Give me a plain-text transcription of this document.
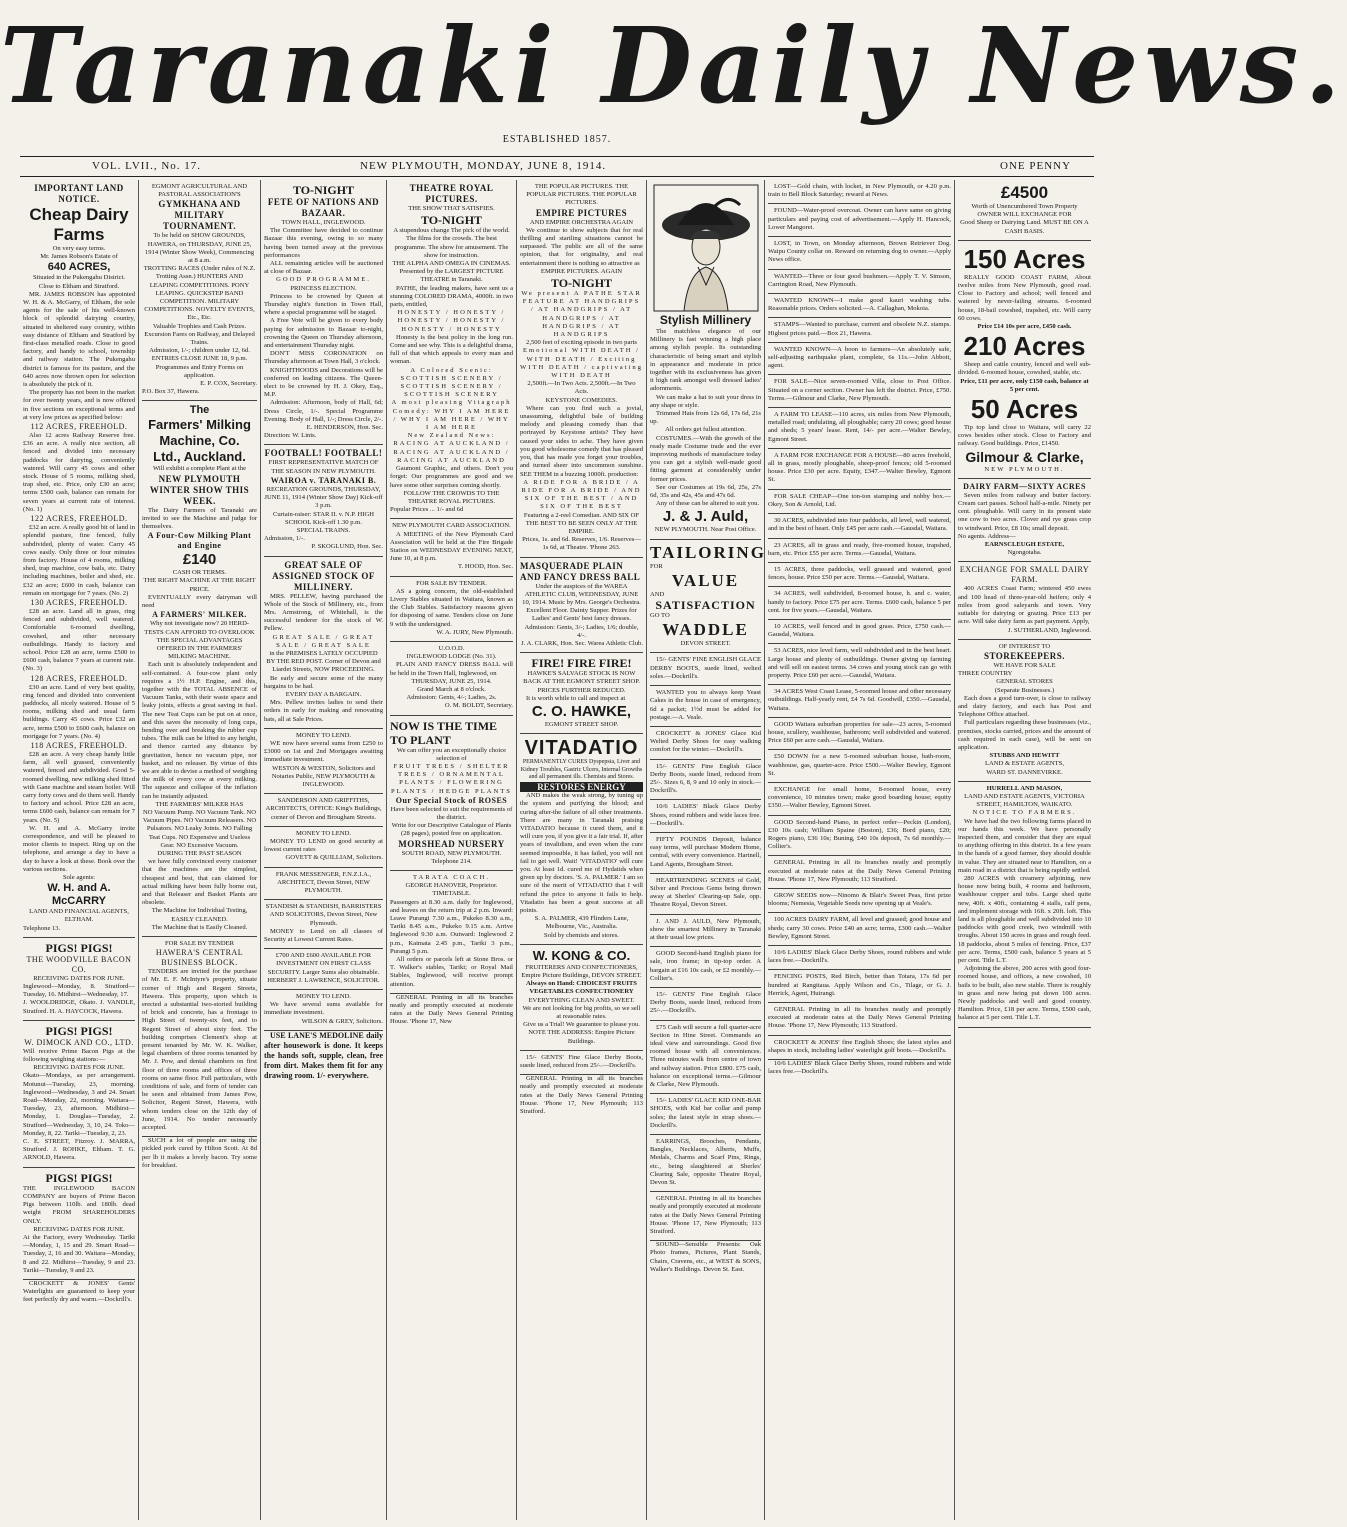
Taranaki Daily News.
ESTABLISHED 1857.
VOL. LVII., No. 17.	NEW PLYMOUTH, MONDAY, JUNE 8, 1914.	ONE PENNY
IMPORTANT LAND NOTICE.
Cheap Dairy Farms
On very easy terms.
Mr. James Robson's Estate of
640 ACRES,
Situated in the Pukengahu District.
Close to Eltham and Stratford.
MR. JAMES ROBSON has appointed W. H. & A. McGarry, of Eltham, the sole agents for the sale of his well-known block of splendid dairying country, situated in sheltered easy country, within easy distance of Eltham and Stratford by first-class metalled roads. Close to good factory, and handy to school, township and railway station. The Pukengahu district is famous for its pasture, and the 640 acres now thrown open for selection is absolutely the pick of it.
The property has not been in the market for over twenty years, and is now offered in five sections on exceptional terms and at very low prices as specified below:
112 ACRES, FREEHOLD.
Also 12 acres Railway Reserve free. £36 an acre. A really nice section, all fenced and divided into necessary paddocks for dairying, conveniently watered. Will carry 45 cows and other stock. House of 5 rooms, milking shed, trap shed, etc. Price, only £30 an acre; terms £500 cash, balance can remain for seven years at current rate of interest. (No. 1)
122 ACRES, FREEHOLD.
£32 an acre. A really good bit of land in splendid pasture, fine fenced, fully subdivided, plenty of water. Carry 45 cows easily. Only three or four minutes from factory. House of 4 rooms, milking shed, trap machine, cow bails, etc. Dairy including machines, boiler and shed, etc. £32 an acre; £600 in cash, balance can remain on mortgage for 7 years. (No. 2)
130 ACRES, FREEHOLD.
£28 an acre. Land all in grass, ring fenced and subdivided, well watered. Comfortable 6-roomed dwelling, cowshed, and other necessary outbuildings. Handy to factory and school. Price £28 an acre, terms £500 to £600 cash, balance 7 years at current rate. (No. 3)
128 ACRES, FREEHOLD.
£30 an acre. Land of very best quality, ring fenced and divided into convenient paddocks, all nicely watered. House of 5 rooms, milking shed and usual farm buildings. Carry 45 cows. Price £32 an acre, terms £500 to £600 cash, balance on mortgage for 7 years. (No. 4)
118 ACRES, FREEHOLD.
£28 an acre. A very cheap handy little farm, all well grassed, conveniently watered, fenced and subdivided. Good 5-roomed dwelling, new milking shed fitted with Gane machine and steam boiler. Will carry forty cows and do them well. Handy to factory and school. Price £28 an acre, terms £600 cash, balance can remain for 7 years. (No. 5)
W. H. and A. McGarry invite correspondence, and will be pleased to motor clients to inspect. Ring up on the telephone, and arrange a day to have a day to have a look at these. Book over the various sections.
Sole agents:
W. H. and A. McCARRY
LAND AND FINANCIAL AGENTS, ELTHAM.
Telephone 13.
PIGS! PIGS!
THE WOODVILLE BACON CO.
RECEIVING DATES FOR JUNE.
Inglewood—Monday, 8. Stratford—Tuesday, 16. Midhirst—Wednesday, 17.
J. WOOLDRIDGE, Okato. J. VANDLE, Stratford. H. A. HAYCOCK, Hawera.
PIGS! PIGS!
W. DIMOCK AND CO., LTD.
Will receive Prime Bacon Pigs at the following weighing stations:—
RECEIVING DATES FOR JUNE.
Okato—Mondays, as per arrangement. Motunui—Tuesday, 23, morning. Inglewood—Wednesday, 3 and 24. Smart Road—Monday, 22, morning. Waitara—Tuesday, 23, afternoon. Midhirst—Monday, 1. Douglas—Tuesday, 2. Stratford—Wednesday, 3, 10, 24. Toko—Monday, 8, 22. Tariki—Tuesday, 2, 23.
C. E. STREET, Fitzroy. J. MARRA, Stratford. J. ROHKE, Eltham. T. G. ARNOLD, Hawera.
PIGS! PIGS!
THE INGLEWOOD BACON COMPANY are buyers of Prime Bacon Pigs between 110lb. and 180lb. dead weight FROM SHAREHOLDERS ONLY.
RECEIVING DATES FOR JUNE.
At the Factory, every Wednesday. Tariki—Monday, 1, 15 and 29. Smart Road—Tuesday, 2, 16 and 30. Waitara—Monday, 8 and 22. Midhirst—Tuesday, 9 and 23. Tariki—Tuesday, 9 and 23.
CROCKETT & JONES' Gents' Waterlights are guaranteed to keep your feet perfectly dry and warm.—Dockrill's.
EGMONT AGRICULTURAL AND PASTORAL ASSOCIATION'S
GYMKHANA AND MILITARY TOURNAMENT.
To be held on SHOW GROUNDS, HAWERA, on THURSDAY, JUNE 25, 1914 (Winter Show Week), Commencing at 8 a.m.
TROTTING RACES (Under rules of N.Z. Trotting Assn.) HUNTERS AND LEAPING COMPETITIONS. PONY LEAPING. QUICKSTEP BAND COMPETITION. MILITARY COMPETITIONS. NOVELTY EVENTS, Etc., Etc.
Valuable Trophies and Cash Prizes.
Excursion Fares on Railway, and Delayed Trains.
Admission, 1/-; children under 12, 6d.
ENTRIES CLOSE JUNE 18, 9 p.m.
Programmes and Entry Forms on application.
E. P. COX, Secretary.
P.O. Box 37, Hawera.
The
Farmers' Milking
Machine, Co.
Ltd., Auckland.
Will exhibit a complete Plant at the
NEW PLYMOUTH WINTER SHOW THIS WEEK.
The Dairy Farmers of Taranaki are invited to see the Machine and judge for themselves.
A Four-Cow Milking Plant and Engine
£140
CASH OR TERMS.
THE RIGHT MACHINE AT THE RIGHT PRICE.
EVENTUALLY every dairyman will need
A FARMERS' MILKER.
Why not investigate now? 20 HERD-TESTS CAN AFFORD TO OVERLOOK THE SPECIAL ADVANTAGES OFFERED IN THE FARMERS' MILKING MACHINE.
Each unit is absolutely independent and self-contained. A four-cow plant only requires a 1½ H.P. Engine, and this, together with the TOTAL ABSENCE of Vacuum Tanks, with their waste space and leaky joints, effects a great saving in fuel. The new Teat Cups can be put on at once, and this saves the necessity of long cups, bending over and breaking the rubber cup tubes. The milk can be lifted to any height, and thence carried any distance by gravitation, hence no vacuum pipe, nor basket, and no releaser. By virtue of this we are able to devise a method of weighing the milk of every cow at every milking. The squeeze and collapse of the inflation can be instantly adjusted.
THE FARMERS' MILKER HAS
NO Vacuum Pump. NO Vacuum Tank. NO Vacuum Pipes. NO Vacuum Releasers. NO Pulsators. NO Leaky Joints. NO Falling Teat Cups. NO Expensive and Useless Gear. NO Excessive Vacuum.
DURING THE PAST SEASON
we have fully convinced every customer that the machines are the simplest, cheapest and best, that can claimed for actual milking have been fully borne out, and that Releaser and Basket Plants are obsolete.
The Machine for Individual Testing, EASILY CLEANED.
The Machine that is Easily Cleaned.
FOR SALE BY TENDER
HAWERA'S CENTRAL BUSINESS BLOCK.
TENDERS are invited for the purchase of Mr. E. F. McIntyre's property, situate corner of High and Regent Streets, Hawera. This property, upon which is erected a substantial two-storied building of brick and concrete, has a frontage to High Street of twenty-six feet, and to Regent Street of about sixty feet. The building comprises Clement's shop at present tenanted by Mr. W. K. Walker, legal chambers of three rooms tenanted by Mr. J. Pow, and dental chambers on first floor of three rooms and offices of three rooms on same floor. Full particulars, with conditions of sale, and form of tender can be seen and obtained from James Pow, Solicitor, Regent Street, Hawera, with whom tenders close on the 12th day of June, 1914. No tender necessarily accepted.
SUCH a lot of people are using the pickled pork cured by Hilton Scott. At 8d per lb it makes a lovely bacon. Try some for breakfast.
TO-NIGHT
FETE OF NATIONS AND BAZAAR.
TOWN HALL, INGLEWOOD.
The Committee have decided to continue Bazaar this evening, owing to so many having been turned away at the previous performances
ALL remaining articles will be auctioned at close of Bazaar.
GOOD PROGRAMME.
PRINCESS ELECTION.
Princess to be crowned by Queen at Thursday night's function in Town Hall, where a special programme will be staged.
A Free Vote will be given to every body paying for admission to Bazaar to-night, crowning the Queen on Thursday afternoon, and entertainment Thursday night.
DON'T MISS CORONATION on Thursday afternoon at Town Hall, 3 o'clock.
KNIGHTHOODS and Decorations will be conferred on leading citizens. The Queen-elect to be crowned by H. J. Okey, Esq., M.P.
Admission: Afternoon, body of Hall, 6d; Dress Circle, 1/-. Special Programme Evening. Body of Hall, 1/-; Dress Circle, 2/-.
E. HENDERSON, Hon. Sec.
Direction: W. Lints.
FOOTBALL! FOOTBALL!
FIRST REPRESENTATIVE MATCH OF THE SEASON IN NEW PLYMOUTH.
WAIROA v. TARANAKI B.
RECREATION GROUNDS, THURSDAY, JUNE 11, 1914 (Winter Show Day) Kick-off 3 p.m.
Curtain-raiser: STAR II. v. N.P. HIGH SCHOOL Kick-off 1.30 p.m.
SPECIAL TRAINS.
Admission, 1/-.
P. SKOGLUND, Hon. Sec.
GREAT SALE OF ASSIGNED STOCK OF MILLINERY.
MRS. PELLEW, having purchased the Whole of the Stock of Millinery, etc., from Mrs. Armstrong, of Whitehall, is the successful tenderer for the stock of W. Pellew.
GREAT SALE / GREAT SALE / GREAT SALE
in the PREMISES LATELY OCCUPIED BY THE RED POST. Corner of Devon and Liardet Streets, NOW PROCEEDING.
Be early and secure some of the many bargains to be had.
EVERY DAY A BARGAIN.
Mrs. Pellew invites ladies to send their orders in early for making and renovating hats, all at Sale Prices.
MONEY TO LEND.
WE now have several sums from £250 to £3000 on 1st and 2nd Mortgages awaiting immediate investment.
WESTON & WESTON, Solicitors and Notaries Public, NEW PLYMOUTH & INGLEWOOD.
SANDERSON AND GRIFFITHS, ARCHITECTS, OFFICE: King's Buildings, corner of Devon and Brougham Streets.
MONEY TO LEND.
MONEY TO LEND on good security at lowest current rates
GOVETT & QUILLIAM, Solicitors.
FRANK MESSENGER, F.N.Z.I.A., ARCHITECT, Devon Street, NEW PLYMOUTH.
STANDISH & STANDISH, BARRISTERS AND SOLICITORS, Devon Street, New Plymouth.
MONEY to Lend on all classes of Security at Lowest Current Rates.
£700 AND £600 AVAILABLE FOR INVESTMENT ON FIRST CLASS SECURITY. Larger Sums also obtainable. HERBERT J. LAWRENCE, SOLICITOR.
MONEY TO LEND.
We have several sums available for immediate investment.
WILSON & GREY, Solicitors.
USE LANE'S MEDOLINE daily after housework is done. It keeps the hands soft, supple, clean, free from dirt. Makes them fit for any drawing room. 1/- everywhere.
THEATRE ROYAL PICTURES.
THE SHOW THAT SATISFIES.
TO-NIGHT
A stupendous change The pick of the world. The films for the crowds. The best programme. The show for amusement. The show for instruction.
THE ALPHA AND OMEGA IN CINEMAS.
Presented by the LARGEST PICTURE THEATRE in Taranaki.
PATHE, the leading makers, have sent us a stunning COLORED DRAMA, 4000ft. in two parts, entitled,
HONESTY / HONESTY / HONESTY / HONESTY / HONESTY / HONESTY
Honesty is the best policy in the long run. Come and see why. This is a delightful drama, full of that which appeals to every man and woman.
A Colored Scenic: SCOTTISH SCENERY / SCOTTISH SCENERY / SCOTTISH SCENERY
A most pleasing Vitagraph Comedy: WHY I AM HERE / WHY I AM HERE / WHY I AM HERE
New Zealand News: RACING AT AUCKLAND / RACING AT AUCKLAND / RACING AT AUCKLAND
Gaumont Graphic, and others. Don't you forget: Our programmes are good and we have some other surprises coming shortly.
FOLLOW THE CROWDS TO THE THEATRE ROYAL PICTURES.
Popular Prices ... 1/- and 6d
NEW PLYMOUTH CARD ASSOCIATION.
A MEETING of the New Plymouth Card Association will be held at the Fire Brigade Station on WEDNESDAY EVENING NEXT, June 10, at 8 p.m.
T. HOOD, Hon. Sec.
FOR SALE BY TENDER.
AS a going concern, the old-established Livery Stables situated in Waitara, known as the Club Stables. Satisfactory reasons given for disposing of same. Tenders close on June 9 with the undersigned.
W. A. JURY, New Plymouth.
U.O.O.D.
INGLEWOOD LODGE (No. 31).
PLAIN AND FANCY DRESS BALL will be held in the Town Hall, Inglewood, on
THURSDAY, JUNE 25, 1914.
Grand March at 8 o'clock.
Admission: Gents, 4/-; Ladies, 2s.
O. M. BOLDT, Secretary.
NOW IS THE TIME TO PLANT
We can offer you an exceptionally choice selection of
FRUIT TREES / SHELTER TREES / ORNAMENTAL PLANTS / FLOWERING PLANTS / HEDGE PLANTS
Our Special Stock of ROSES
Have been selected to suit the requirements of the district.
Write for our Descriptive Catalogue of Plants (28 pages), posted free on application.
MORSHEAD NURSERY
SOUTH ROAD, NEW PLYMOUTH. Telephone 214.
TARATA COACH.
GEORGE HANOVER, Proprietor.
TIMETABLE.
Passengers at 8.30 a.m. daily for Inglewood, and leaves on the return trip at 2 p.m. Inward: Leave Purangi 7.30 a.m., Pukeko 8.30 a.m., Tariki 8.45 a.m., Pukeko 9.15 a.m. Arrive Inglewood 9.30 a.m. Outward: Inglewood 2 p.m., Kaimata 2.45 p.m., Tariki 3 p.m., Purangi 5 p.m.
All orders or parcels left at Stone Bros. or T. Walker's stables, Tariki; or Royal Mail Stables, Inglewood, will receive prompt attention.
GENERAL Printing in all its branches neatly and promptly executed at moderate rates at the Daily News General Printing House. 'Phone 17, New
THE POPULAR PICTURES. THE POPULAR PICTURES. THE POPULAR PICTURES.
EMPIRE PICTURES
AND EMPIRE ORCHESTRA AGAIN
We continue to show subjects that for real thrilling and startling situations cannot be surpassed. The public are all of the same opinion, that for originality, and real entertainment there is nothing so attractive as
EMPIRE PICTURES. AGAIN
TO-NIGHT
We present A PATHE STAR FEATURE AT HANDGRIPS / AT HANDGRIPS / AT HANDGRIPS / AT HANDGRIPS / AT HANDGRIPS
2,500 feet of exciting episode in two parts
Emotional WITH DEATH / WITH DEATH / Exciting WITH DEATH / captivating WITH DEATH
2,500ft.—In Two Acts. 2,500ft.—In Two Acts.
KEYSTONE COMEDIES.
Where can you find such a jovial, unassuming, delightful bale of building melody and pleasing comedy than that portrayed by Keystone artists? They have caused your sides to ache. They have given you good wholesome comedy that has pleased you, that has made you forget your troubles, and turned sheer into uncommon sunshine. SEE THEM in a buzzing 1000ft. production:
A RIDE FOR A BRIDE / A RIDE FOR A BRIDE / AND SIX OF THE BEST / AND SIX OF THE BEST
Featuring a 2-reel Comedian. AND SIX OF THE BEST TO BE SEEN ONLY AT THE EMPIRE.
Prices, 1s. and 6d. Reserves, 1/6. Reserves—1s 6d, at Theatre. 'Phone 263.
MASQUERADE PLAIN AND FANCY DRESS BALL
Under the auspices of the WAREA ATHLETIC CLUB, WEDNESDAY, JUNE 10, 1914. Music by Mrs. George's Orchestra. Excellent Floor. Dainty Supper. Prizes for Ladies' and Gents' best fancy dresses. Admission: Gents, 3/-; Ladies, 1/6; double, 4/-.
J. A. CLARK, Hon. Sec. Warea Athletic Club.
FIRE! FIRE FIRE!
HAWKE'S SALVAGE STOCK IS NOW BACK AT THE EGMONT STREET SHOP.
PRICES FURTHER REDUCED.
It is worth while to call and inspect at
C. O. HAWKE,
EGMONT STREET SHOP.
VITADATIO
PERMANENTLY CURES Dyspepsia, Liver and Kidney Troubles, Gastric Ulcers, Internal Growths and all permanent ills. Chemists and Stores.
RESTORES ENERGY
AND makes the weak strong, by tuning up the system and purifying the blood; and curing after-the failure of all other treatments. There are many in Taranaki praising VITADATIO because it cured them, and it will cure you, if you give it a fair trial. If, after years of invalidism, and even when the cure seemed impossible, it has failed, you will not fail to get well. Wait! 'VITADATIO' will cure you. At least 1d. cured me of Hydatids when given up by doctors. 'S. A. PALMER.' I am so sure of the merit of VITADATIO that I will refund the price to anyone it fails to help. Vitadatio has been a great success at all points.
S. A. PALMER, 439 Flinders Lane, Melbourne, Vic., Australia.
Sold by chemists and stores.
W. KONG & CO.
FRUITERERS AND CONFECTIONERS, Empire Picture Buildings, DEVON STREET.
Always on Hand: CHOICEST FRUITS VEGETABLES CONFECTIONERY
EVERYTHING CLEAN AND SWEET.
We are not looking for big profits, so we sell at reasonable rates.
Give us a Trial! We guarantee to please you.
NOTE THE ADDRESS: Empire Picture Buildings.
15/- GENTS' Fine Glace Derby Boots, suede lined, reduced from 25/-.—Dockrill's.
GENERAL Printing in all its branches neatly and promptly executed at moderate rates at the Daily News General Printing House. 'Phone 17, New Plymouth; 113 Stratford.
Stylish Millinery
The matchless elegance of our Millinery is fast winning a high place among stylish people. Its outstanding characteristic of being smart and stylish in appearance and moderate in price together with its exclusiveness has given it high rank amongst well dressed ladies' adornments.
We can make a hat to suit your dress in any shape or style.
Trimmed Hats from 12s 6d, 17s 6d, 21s up.
All orders get fullest attention.
COSTUMES.—With the growth of the ready made Costume trade and the ever improving methods of manufacture today you can get a stylish well-made good fitting garment at considerably under former prices.
See our Costumes at 19s 6d, 25s, 27s 6d, 35s and 42s, 45s and 47s 6d.
Any of these can be altered to suit you.
J. & J. Auld,
NEW PLYMOUTH. Near Post Office.
TAILORING
FOR
VALUE
AND
SATISFACTION
GO TO
WADDLE
DEVON STREET.
15/- GENTS' FINE ENGLISH GLACE DERBY BOOTS, suede lined, welted soles.—Dockrill's.
WANTED you to always keep Yeast Cakes in the house in case of emergency, 6d a packet; 1½d must be added for postage.—A. Veale.
CROCKETT & JONES' Glace Kid Welted Derby Shoes for easy walking comfort for the winter.—Dockrill's.
15/- GENTS' Fine English Glace Derby Boots, suede lined, reduced from 25/-. Sizes 6, 8, 9 and 10 only in stock.—Dockrill's.
10/6 LADIES' Black Glace Derby Shoes, round rubbers and wide laces free.—Dockrill's.
FIFTY POUNDS Deposit, balance easy terms, will purchase Modern Home, central, with every convenience. Hartnell, Land Agents, Brougham Street.
HEARTRENDING SCENES of Gold, Silver and Precious Gems being thrown away at Sherles' Clearing-up Sale, opp. Theatre Royal, Devon Street.
J. AND J. AULD, New Plymouth, show the smartest Millinery in Taranaki at their usual low prices.
GOOD Second-hand English piano for sale, iron frame; in tip-top order. A bargain at £16 10s cash, or £2 monthly.—Collier's.
15/- GENTS' Fine English Glace Derby Boots, suede lined, reduced from 25/-.—Dockrill's.
£75 Cash will secure a full quarter-acre Section in Hine Street. Commands an ideal view and surroundings. Good five roomed house with all conveniences. Three minutes walk from centre of town and railway station. Price £800. £75 cash, balance on exceptional terms.—Gilmour & Clarke, New Plymouth.
15/- LADIES' GLACE KID ONE-BAR SHOES, with Kid bar collar and pump soles; the latest style in strap shoes.—Dockrill's.
EARRINGS, Brooches, Pendants, Bangles, Necklaces, Alberts, Muffs, Medals, Charms and Scarf Pins, Rings, etc., being slaughtered at Sherles' Clearing Sale, opposite Theatre Royal, Devon St.
GENERAL Printing in all its branches neatly and promptly executed at moderate rates at the Daily News General Printing House. 'Phone 17, New Plymouth; 113 Stratford.
SOUND—Sensible Presents: Oak Photo frames, Pictures, Plant Stands, Chairs, Cravens, etc., at WEST & SONS, Walker's Buildings. Devon St. East.
LOST—Gold chain, with locket, in New Plymouth, or 4.20 p.m. train to Bell Block Saturday; reward at News.
FOUND—Water-proof overcoat. Owner can have same on giving particulars and paying cost of advertisement.—Apply H. Hancock, Lower Mangorei.
LOST, in Town, on Monday afternoon, Brown Retriever Dog. Waipu County collar on. Reward on returning dog to owner.—Apply News office.
WANTED—Three or four good bushmen.—Apply T. V. Simson, Carrington Road, New Plymouth.
WANTED KNOWN—I make good kauri washing tubs. Reasonable prices. Orders solicited.—A. Callaghan, Mokoia.
STAMPS—Wanted to purchase, current and obsolete N.Z. stamps. Highest prices paid.—Box 21, Hawera.
WANTED KNOWN—A boon to farmers—An absolutely safe, self-adjusting earthquake plant, complete, 6s 11s.—John Abbott, agent.
FOR SALE—Nice seven-roomed Villa, close to Post Office. Situated on a corner section. Owner has left the district. Price, £750. Terms.—Gilmour and Clarke, New Plymouth.
A FARM TO LEASE—110 acres, six miles from New Plymouth, metalled road; undulating, all ploughable; carry 20 cows; good house and sheds; 5 years' lease. Rent, 14/- per acre.—Walter Bewley, Egmont Street.
A FARM FOR EXCHANGE FOR A HOUSE—80 acres freehold, all in grass, mostly ploughable, sheep-proof fences; old 5-roomed house. Price £30 per acre. Equity, £347.—Walter Bewley, Egmont St.
FOR SALE CHEAP—One ton-ton stamping and nobby box.—Okey, Son & Arnold, Ltd.
30 ACRES, subdivided into four paddocks, all level, well watered, and in the best of heart. Only £45 per acre cash.—Gausdal, Waitara.
23 ACRES, all in grass and ready, five-roomed house, trapshed, barn, etc. Price £55 per acre. Terms.—Gausdal, Waitara.
15 ACRES, three paddocks, well grassed and watered, good fences, house. Price £50 per acre. Terms.—Gausdal, Waitara.
34 ACRES, well subdivided, 8-roomed house, h. and c. water, handy to factory. Price £75 per acre. Terms. £600 cash, balance 5 per cent. for five years.—Gausdal, Waitara.
10 ACRES, well fenced and in good grass. Price, £750 cash.—Gausdal, Waitara.
53 ACRES, nice level farm, well subdivided and in the best heart. Large house and plenty of outbuildings. Owner giving up farming and will sell on easiest terms. 34 cows and young stock can go with property. Price £60 per acre.—Gausdal, Waitara.
34 ACRES West Coast Lease, 5-roomed house and other necessary outbuildings. Half-yearly rent, £4 7s 6d. Goodwill, £350.—Gausdal, Waitara.
GOOD Waitara suburban properties for sale—23 acres, 5-roomed house, scullery, washhouse, bathroom; well subdivided and watered. Price £60 per acre cash.—Gausdal, Waitara.
£50 DOWN for a new 5-roomed suburban house, bath-room, washhouse, gas, quarter-acre. Price £500.—Walter Bewley, Egmont St.
EXCHANGE for small home, 8-roomed house, every convenience, 10 minutes town; make good boarding house; equity £350.—Walter Bewley, Egmont Street.
GOOD Second-hand Piano, in perfect order—Peckin (London), £30 10s cash; William Spaine (Boston), £36; Bord piano, £20; Rogers piano, £36 10s; Buning, £40 10s deposit, 7s 6d monthly.—Collier's.
GENERAL Printing in all its branches neatly and promptly executed at moderate rates at the Daily News General Printing House. 'Phone 17, New Plymouth; 113 Stratford.
GROW SEEDS now—Ninomo & Blair's Sweet Peas, first prize blooms; Nemesia, Vegetable Seeds now opening up at Veale's.
100 ACRES DAIRY FARM, all level and grassed; good house and sheds; carry 30 cows. Price £40 an acre; terms, £300 cash.—Walter Bewley, Egmont Street.
10/6 LADIES' Black Glace Derby Shoes, round rubbers and wide laces free.—Dockrill's.
FENCING POSTS, Red Birch, better than Totara, 17s 6d per hundred at Rangitaua. Apply Wilson and Co., Tilage, or G. J. Herrick, Agent, Huirangi.
GENERAL Printing in all its branches neatly and promptly executed at moderate rates at the Daily News General Printing House. 'Phone 17, New Plymouth; 113 Stratford.
CROCKETT & JONES' fine English Shoes; the latest styles and shapes in stock, including ladies' waterlight golf boots.—Dockrill's.
10/6 LADIES' Black Glace Derby Shoes, round rubbers and wide laces free.—Dockrill's.
£4500
Worth of Unencumbered Town Property
OWNER WILL EXCHANGE FOR
Good Sheep or Dairying Land. MUST BE ON A CASH BASIS.
150 Acres
REALLY GOOD COAST FARM, About twelve miles from New Plymouth, good road. Close to Factory and school; well fenced and watered by never-failing streams. 6-roomed house, 18-bail cowshed, trapshed, etc. Will carry 60 cows.
Price £14 10s per acre, £450 cash.
210 Acres
Sheep and cattle country, fenced and well sub-divided. 6-roomed house, cowshed, stable, etc.
Price, £11 per acre, only £150 cash, balance at 5 per cent.
50 Acres
Tip top land close to Waitara, will carry 22 cows besides other stock. Close to Factory and railway. Good buildings. Price, £1450.
Gilmour & Clarke,
NEW PLYMOUTH.
DAIRY FARM—SIXTY ACRES
Seven miles from railway and butter factory. Cream cart passes. School half-a-mile. Ninety per cent. ploughable. Will carry in its present state one cow to two acres. Clover and rye grass crop to windward. Price, £8 10s; small deposit.
No agents. Address—
EARNSCLEUGH ESTATE,
Ngongotaha.
EXCHANGE FOR SMALL DAIRY FARM.
400 ACRES Coast Farm; wintered 450 ewes and 100 head of three-year-old heifers; only 4 miles from good saleyards and town. Very suitable for dairying or grazing. Price £13 per acre. Will take dairy farm as part payment. Apply,
J. SUTHERLAND, Inglewood.
OF INTEREST TO
STOREKEEPERS.
WE HAVE FOR SALE
THREE COUNTRY
GENERAL STORES
(Separate Businesses.)
Each does a good turn-over, is close to railway and dairy factory, and each has Post and Telephone Office attached.
Full particulars regarding these businesses (viz., premises, stocks carried, prices and the amount of cash required in each case), will be sent on application.
STUBBS AND HEWITT
LAND & ESTATE AGENTS,
WARD ST. DANNEVIRKE.
HURRELL AND MASON,
LAND AND ESTATE AGENTS, VICTORIA STREET, HAMILTON, WAIKATO.
NOTICE TO FARMERS.
We have had the two following farms placed in our hands this week. We have personally inspected them, and consider that they are equal to anything offering in this district. In a few years in the hands of a good farmer, they should double in value. They are situated near to Hamilton, on a main road in a district that is being rapidly settled.
280 ACRES with creamery adjoining, new house now being built, 4 rooms and bathroom, washhouse copper and tubs. Large shed quite new, 40ft. x 40ft., containing 4 stalls, calf pens, and implement storage with 16ft. x 20ft. loft. This land is all ploughable and well subdivided into 10 paddocks with good creek, two windmill with troughs. About 150 acres in grass and rough feed. 18 paddocks, about 5 miles of fencing. Price, £37 per acre. Terms, £500 cash, balance 5 years at 5 per cent. Title L.T.
Adjoining the above, 200 acres with good four-roomed house, and offices, a new cowshed, 10 bails to be built, also new stable. There is roughly in grass and now being put down 100 acres. Newly paddocks and well and good country. Hamilton. Price, £18 per acre. Terms, £500 cash, balance at 5 per cent. Title L.T.
